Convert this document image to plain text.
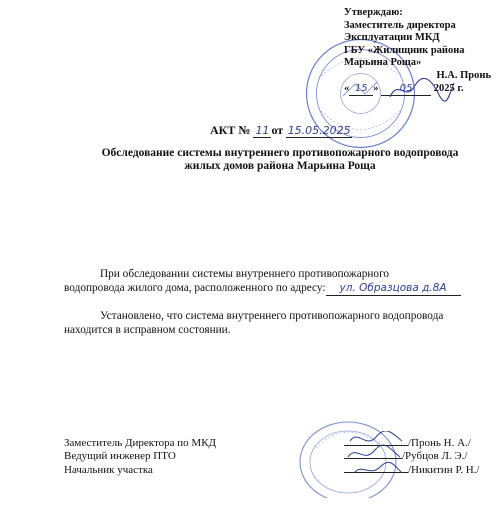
Утверждаю:
Заместитель директора
Эксплуатации МКД
ГБУ «Жилищник района
Марьина Роща»
Н.А. Пронь
« 15 » 05 2025 г.
АКТ № 11 от 15.05.2025
Обследование системы внутреннего противопожарного водопровода
жилых домов района Марьина Роща
При обследовании системы внутреннего противопожарного
водопровода жилого дома, расположенного по адресу: ул. Образцова д.8А
Установлено, что система внутреннего противопожарного водопровода
находится в исправном состоянии.
Заместитель Директора по МКД
Ведущий инженер ПТО
Начальник участка
/Пронь Н. А./
/Рубцов Л. Э./
/Никитин Р. Н./
